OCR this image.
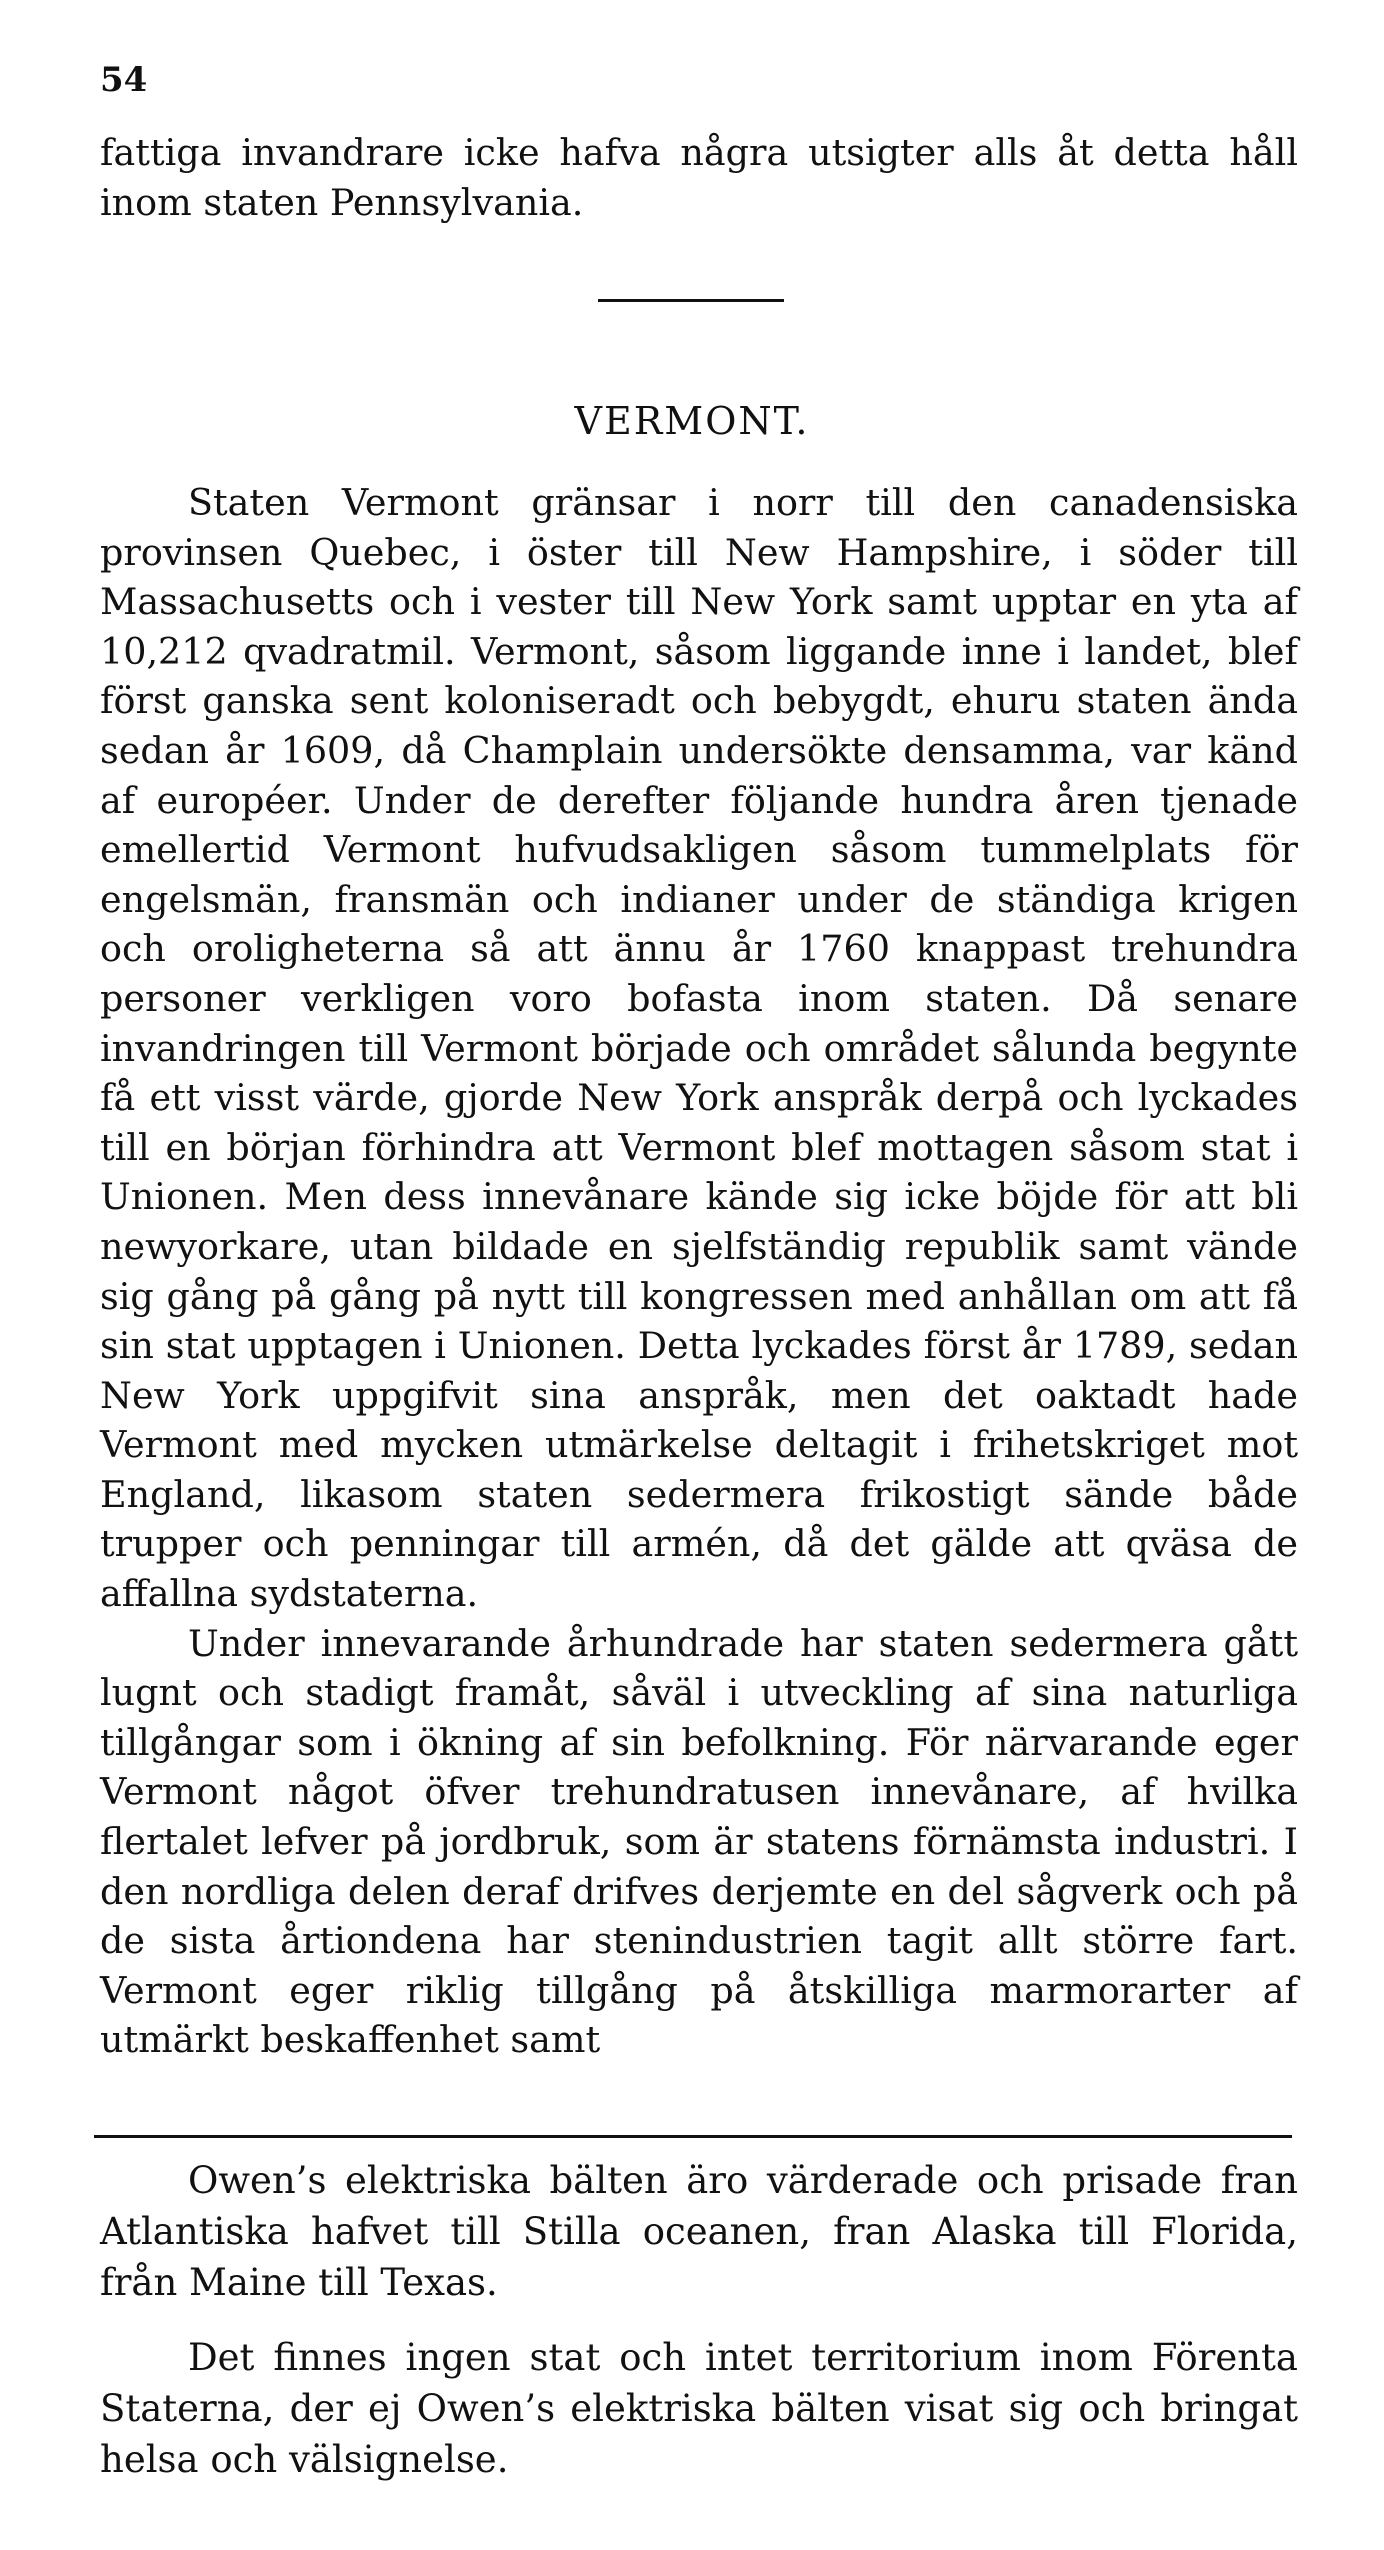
54

fattiga invandrare icke hafva några utsigter alls åt detta håll inom staten Pennsylvania.

VERMONT.

Staten Vermont gränsar i norr till den canadensiska provinsen Quebec, i öster till New Hampshire, i söder till Massachusetts och i vester till New York samt upptar en yta af 10,212 qvadratmil. Vermont, såsom liggande inne i landet, blef först ganska sent koloniseradt och bebygdt, ehuru staten ända sedan år 1609, då Champlain undersökte densamma, var känd af européer. Under de derefter följande hundra åren tjenade emellertid Vermont hufvudsakligen såsom tummelplats för engelsmän, fransmän och indianer under de ständiga krigen och oroligheterna så att ännu år 1760 knappast trehundra personer verkligen voro bofasta inom staten. Då senare invandringen till Vermont började och området sålunda begynte få ett visst värde, gjorde New York anspråk derpå och lyckades till en början förhindra att Vermont blef mottagen såsom stat i Unionen. Men dess innevånare kände sig icke böjde för att bli newyorkare, utan bildade en sjelfständig republik samt vände sig gång på gång på nytt till kongressen med anhållan om att få sin stat upptagen i Unionen. Detta lyckades först år 1789, sedan New York uppgifvit sina anspråk, men det oaktadt hade Vermont med mycken utmärkelse deltagit i frihetskriget mot England, likasom staten sedermera frikostigt sände både trupper och penningar till armén, då det gälde att qväsa de affallna sydstaterna.

Under innevarande århundrade har staten sedermera gått lugnt och stadigt framåt, såväl i utveckling af sina naturliga tillgångar som i ökning af sin befolkning. För närvarande eger Vermont något öfver trehundratusen innevånare, af hvilka flertalet lefver på jordbruk, som är statens förnämsta industri. I den nordliga delen deraf drifves derjemte en del sågverk och på de sista årtiondena har stenindustrien tagit allt större fart. Vermont eger riklig tillgång på åtskilliga marmorarter af utmärkt beskaffenhet samt

Owen’s elektriska bälten äro värderade och prisade fran Atlantiska hafvet till Stilla oceanen, fran Alaska till Florida, från Maine till Texas.

Det finnes ingen stat och intet territorium inom Förenta Staterna, der ej Owen’s elektriska bälten visat sig och bringat helsa och välsignelse.
